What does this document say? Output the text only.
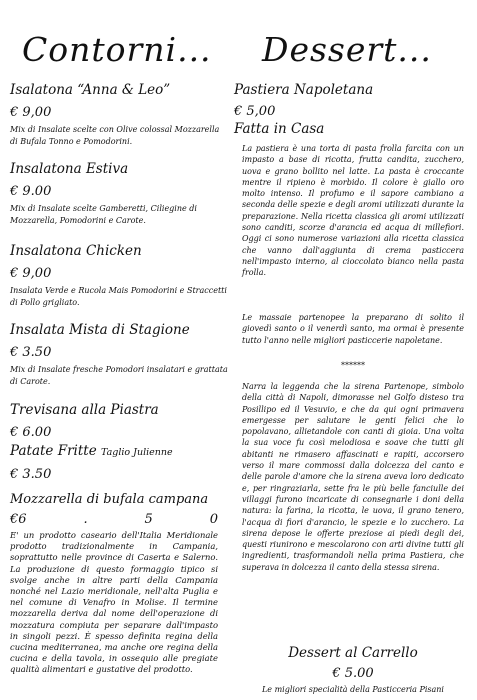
Contorni...
Isalatona “Anna & Leo”
€ 9,00
Mix di Insalate scelte con Olive colossal Mozzarella di Bufala Tonno e Pomodorini.
Insalatona Estiva
€ 9.00
Mix di Insalate scelte Gamberetti, Ciliegine di Mozzarella, Pomodorini e Carote.
Insalatona Chicken
€ 9,00
Insalata Verde e Rucola Mais Pomodorini e Straccetti di Pollo grigliato.
Insalata Mista di Stagione
€ 3.50
Mix di Insalate fresche Pomodori insalatari e grattata di Carote.
Trevisana alla Piastra
€ 6.00
Patate Fritte Taglio Julienne
€ 3.50
Mozzarella di bufala campana
€6	.	5	0
E' un prodotto caseario dell'Italia Meridionale prodotto tradizionalmente in Campania, soprattutto nelle province di Caserta e Salerno. La produzione di questo formaggio tipico si svolge anche in altre parti della Campania nonché nel Lazio meridionale, nell'alta Puglia e nel comune di Venafro in Molise. Il termine mozzarella deriva dal nome dell'operazione di mozzatura compiuta per separare dall'impasto in singoli pezzi. È spesso definita regina della cucina mediterranea, ma anche ore regina della cucina e della tavola, in ossequio alle pregiate qualità alimentari e gustative del prodotto.
Dessert...
Pastiera Napoletana
€ 5,00
Fatta in Casa
La pastiera è una torta di pasta frolla farcita con un impasto a base di ricotta, frutta candita, zucchero, uova e grano bollito nel latte. La pasta è croccante mentre il ripieno è morbido. Il colore è giallo oro molto intenso. Il profumo e il sapore cambiano a seconda delle spezie e degli aromi utilizzati durante la preparazione. Nella ricetta classica gli aromi utilizzati sono canditi, scorze d'arancia ed acqua di millefiori. Oggi ci sono numerose variazioni alla ricetta classica che vanno dall'aggiunta di crema pasticcera nell'impasto interno, al cioccolato bianco nella pasta frolla.
Le massaie partenopee la preparano di solito il giovedì santo o il venerdì santo, ma ormai è presente tutto l'anno nelle migliori pasticcerie napoletane.
******
Narra la leggenda che la sirena Partenope, simbolo della città di Napoli, dimorasse nel Golfo disteso tra Posillipo ed il Vesuvio, e che da qui ogni primavera emergesse per salutare le genti felici che lo popolavano, allietandole con canti di gioia. Una volta la sua voce fu così melodiosa e soave che tutti gli abitanti ne rimasero affascinati e rapiti, accorsero verso il mare commossi dalla dolcezza del canto e delle parole d'amore che la sirena aveva loro dedicato e, per ringraziarla, sette fra le più belle fanciulle dei villaggi furono incaricate di consegnarle i doni della natura: la farina, la ricotta, le uova, il grano tenero, l'acqua di fiori d'arancio, le spezie e lo zucchero. La sirena depose le offerte preziose ai piedi degli dei, questi riunirono e mescolarono con arti divine tutti gli ingredienti, trasformandoli nella prima Pastiera, che superava in dolcezza il canto della stessa sirena.
Dessert al Carrello
€ 5.00
Le migliori specialità della Pasticceria Pisani
